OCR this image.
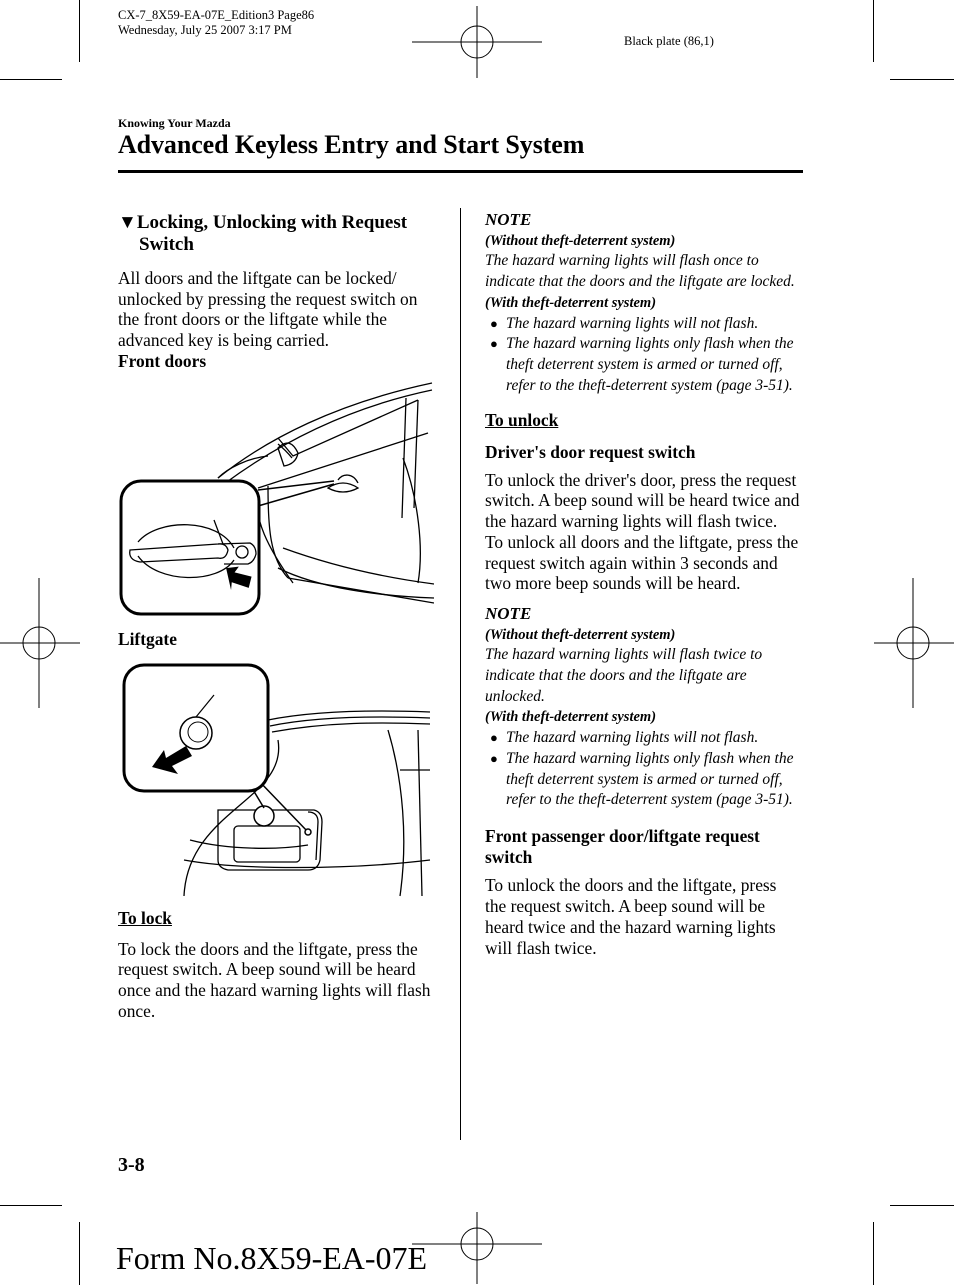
CX-7_8X59-EA-07E_Edition3 Page86
Wednesday, July 25 2007 3:17 PM
Black plate (86,1)
Knowing Your Mazda
Advanced Keyless Entry and Start System
▼Locking, Unlocking with Request
Switch

All doors and the liftgate can be locked/ unlocked by pressing the request switch on the front doors or the liftgate while the advanced key is being carried.

Front doors

Liftgate

To lock

To lock the doors and the liftgate, press the request switch. A beep sound will be heard once and the hazard warning lights will flash once.

NOTE
(Without theft-deterrent system)
The hazard warning lights will flash once to indicate that the doors and the liftgate are locked.
(With theft-deterrent system)
● The hazard warning lights will not flash.
● The hazard warning lights only flash when the theft deterrent system is armed or turned off, refer to the theft-deterrent system (page 3-51).

To unlock

Driver's door request switch

To unlock the driver's door, press the request switch. A beep sound will be heard twice and the hazard warning lights will flash twice.

To unlock all doors and the liftgate, press the request switch again within 3 seconds and two more beep sounds will be heard.

NOTE
(Without theft-deterrent system)
The hazard warning lights will flash twice to indicate that the doors and the liftgate are unlocked.
(With theft-deterrent system)
● The hazard warning lights will not flash.
● The hazard warning lights only flash when the theft deterrent system is armed or turned off, refer to the theft-deterrent system (page 3-51).

Front passenger door/liftgate request switch

To unlock the doors and the liftgate, press the request switch. A beep sound will be heard twice and the hazard warning lights will flash twice.

3-8
Form No.8X59-EA-07E
